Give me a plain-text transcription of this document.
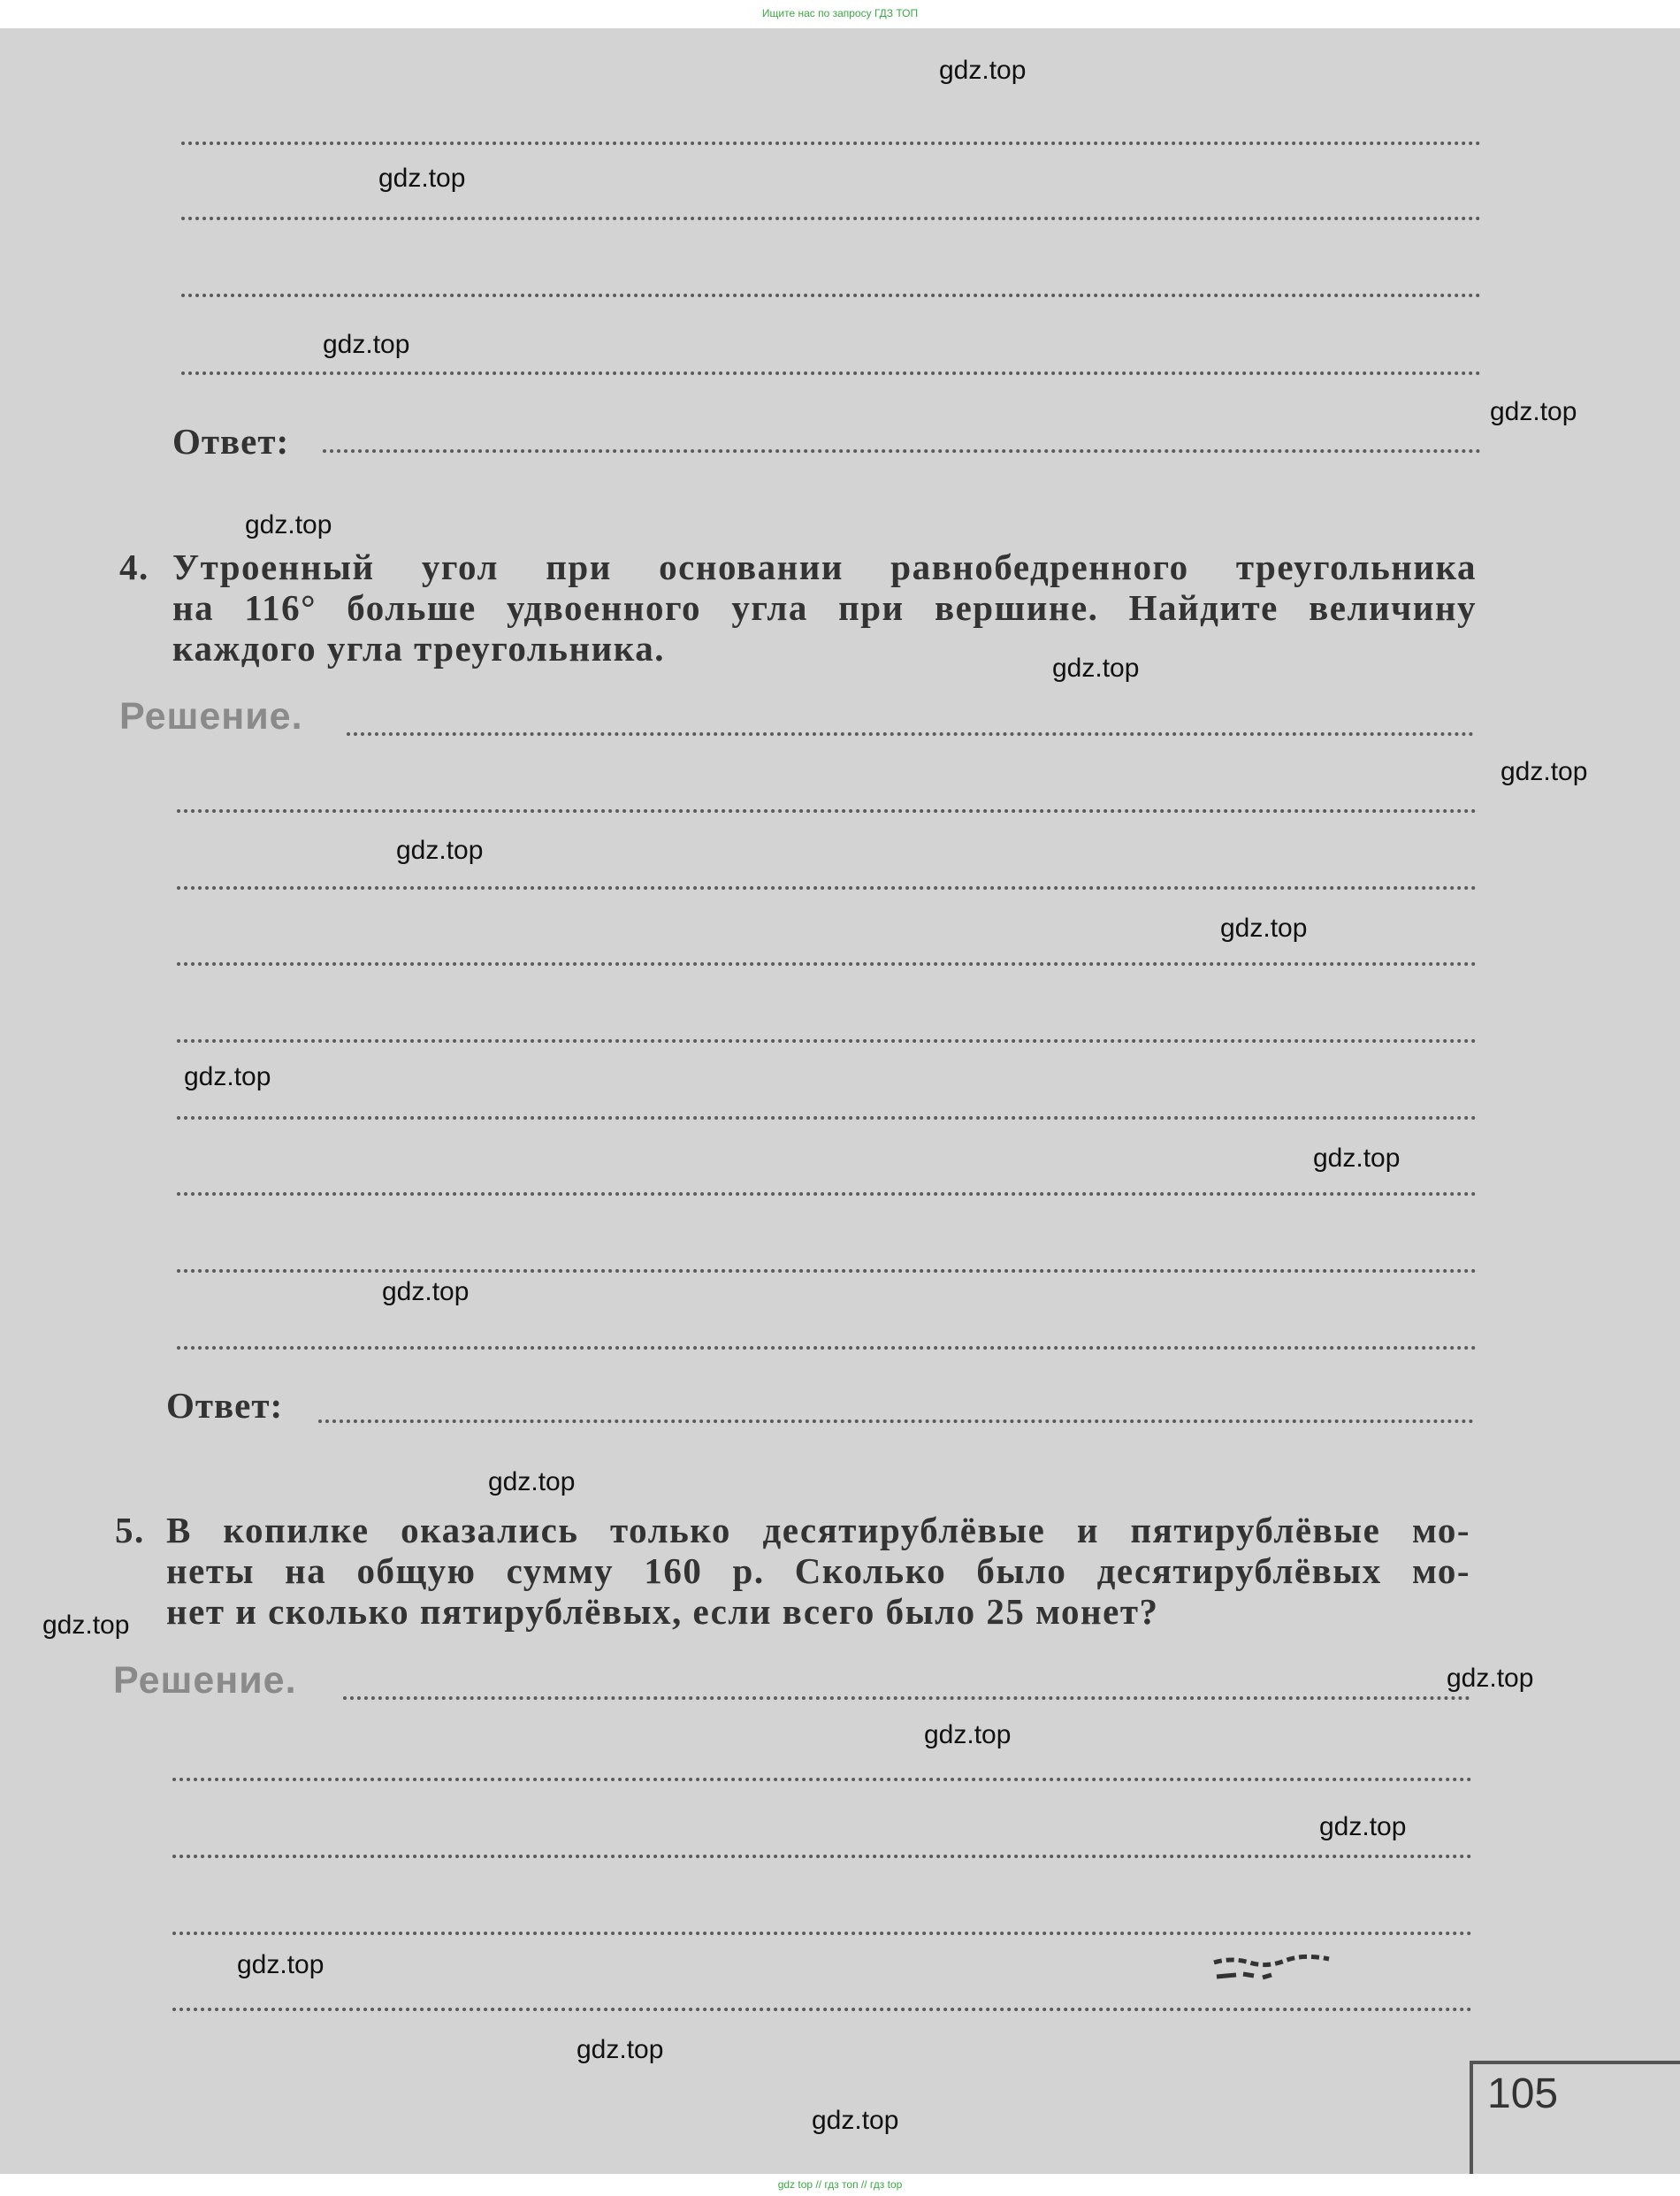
Ищите нас по запросу ГДЗ ТОП
Ответ:
4. Утроенный угол при основании равнобедренного треугольника
на 116° больше удвоенного угла при вершине. Найдите величину
каждого угла треугольника.
Решение.
Ответ:
5. В копилке оказались только десятирублёвые и пятирублёвые мо-
неты на общую сумму 160 р. Сколько было десятирублёвых мо-
нет и сколько пятирублёвых, если всего было 25 монет?
Решение.
105
gdz.top
gdz.top
gdz.top
gdz.top
gdz.top
gdz.top
gdz.top
gdz.top
gdz.top
gdz.top
gdz.top
gdz.top
gdz.top
gdz.top
gdz.top
gdz.top
gdz.top
gdz.top
gdz.top
gdz.top
gdz top // гдз топ // гдз top
